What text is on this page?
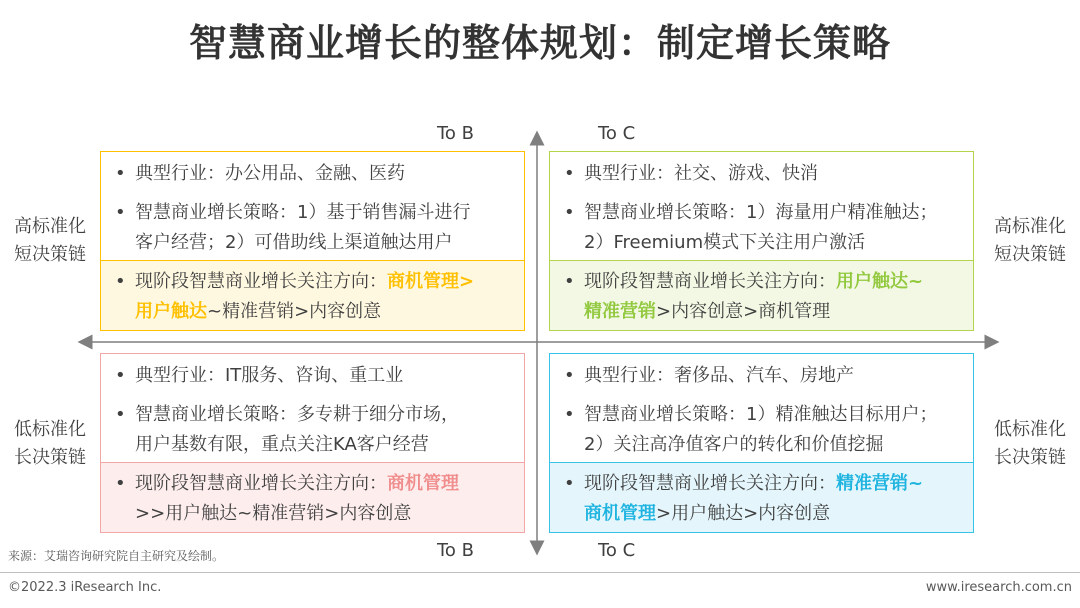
智慧商业增长的整体规划：制定增长策略
To B	To C
To B	To C
高标准化
短决策链
高标准化
短决策链
低标准化
长决策链
低标准化
长决策链
• 典型行业：办公用品、金融、医药
• 智慧商业增长策略：1）基于销售漏斗进行
客户经营；2）可借助线上渠道触达用户
• 现阶段智慧商业增长关注方向：商机管理>
用户触达~精准营销>内容创意
• 典型行业：社交、游戏、快消
• 智慧商业增长策略：1）海量用户精准触达；
2）Freemium模式下关注用户激活
• 现阶段智慧商业增长关注方向：用户触达~
精准营销>内容创意>商机管理
• 典型行业：IT服务、咨询、重工业
• 智慧商业增长策略：多专耕于细分市场，
用户基数有限，重点关注KA客户经营
• 现阶段智慧商业增长关注方向：商机管理
>>用户触达~精准营销>内容创意
• 典型行业：奢侈品、汽车、房地产
• 智慧商业增长策略：1）精准触达目标用户；
2）关注高净值客户的转化和价值挖掘
• 现阶段智慧商业增长关注方向：精准营销~
商机管理>用户触达>内容创意
来源：艾瑞咨询研究院自主研究及绘制。
©2022.3 iResearch Inc.	www.iresearch.com.cn
